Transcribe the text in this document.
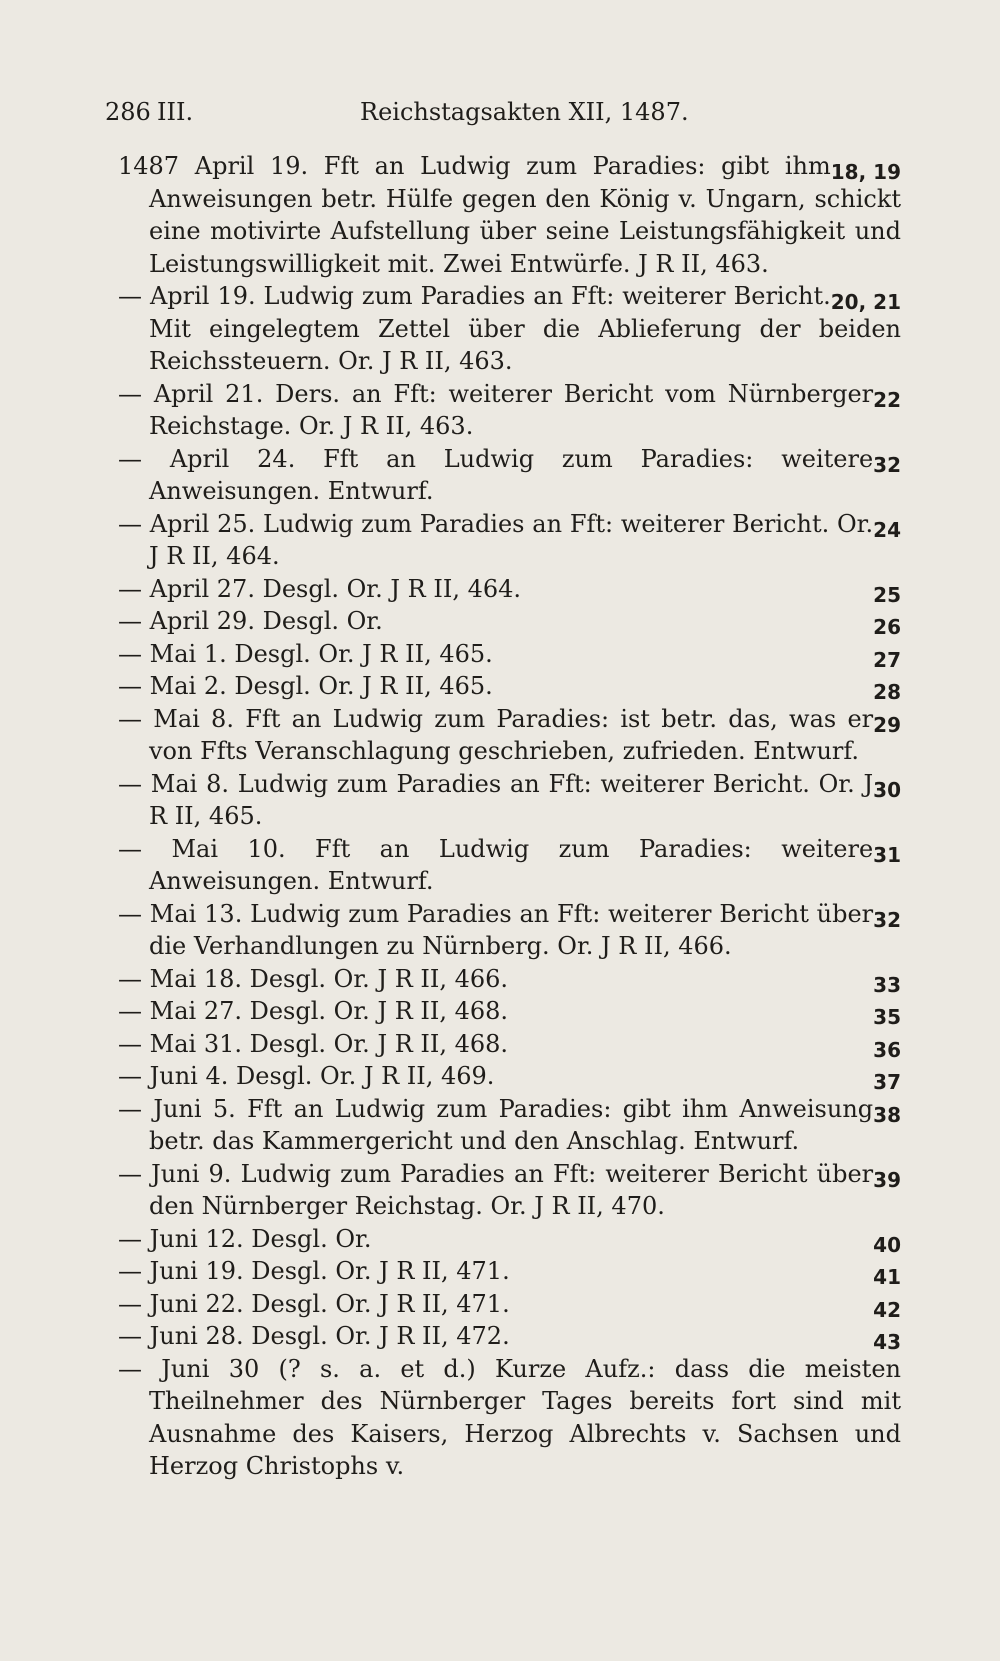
286 III.	Reichstagsakten XII, 1487.
18, 19
1487 April 19. Fft an Ludwig zum Paradies: gibt ihm Anweisungen betr. Hülfe gegen den König v. Ungarn, schickt eine motivirte Aufstellung über seine Leistungsfähigkeit und Leistungswilligkeit mit. Zwei Entwürfe. J R II, 463.
20, 21
— April 19. Ludwig zum Paradies an Fft: weiterer Bericht. Mit eingelegtem Zettel über die Ablieferung der beiden Reichssteuern. Or. J R II, 463.
22
— April 21. Ders. an Fft: weiterer Bericht vom Nürnberger Reichstage. Or. J R II, 463.
32
— April 24. Fft an Ludwig zum Paradies: weitere Anweisungen. Entwurf.
24
— April 25. Ludwig zum Paradies an Fft: weiterer Bericht. Or. J R II, 464.
25
— April 27. Desgl. Or. J R II, 464.
26
— April 29. Desgl. Or.
27
— Mai 1. Desgl. Or. J R II, 465.
28
— Mai 2. Desgl. Or. J R II, 465.
29
— Mai 8. Fft an Ludwig zum Paradies: ist betr. das, was er von Ffts Veranschlagung geschrieben, zufrieden. Entwurf.
30
— Mai 8. Ludwig zum Paradies an Fft: weiterer Bericht. Or. J R II, 465.
31
— Mai 10. Fft an Ludwig zum Paradies: weitere Anweisungen. Entwurf.
32
— Mai 13. Ludwig zum Paradies an Fft: weiterer Bericht über die Verhandlungen zu Nürnberg. Or. J R II, 466.
33
— Mai 18. Desgl. Or. J R II, 466.
35
— Mai 27. Desgl. Or. J R II, 468.
36
— Mai 31. Desgl. Or. J R II, 468.
37
— Juni 4. Desgl. Or. J R II, 469.
38
— Juni 5. Fft an Ludwig zum Paradies: gibt ihm Anweisung betr. das Kammergericht und den Anschlag. Entwurf.
39
— Juni 9. Ludwig zum Paradies an Fft: weiterer Bericht über den Nürnberger Reichstag. Or. J R II, 470.
40
— Juni 12. Desgl. Or.
41
— Juni 19. Desgl. Or. J R II, 471.
42
— Juni 22. Desgl. Or. J R II, 471.
43
— Juni 28. Desgl. Or. J R II, 472.
— Juni 30 (? s. a. et d.) Kurze Aufz.: dass die meisten Theilnehmer des Nürnberger Tages bereits fort sind mit Ausnahme des Kaisers, Herzog Albrechts v. Sachsen und Herzog Christophs v.
